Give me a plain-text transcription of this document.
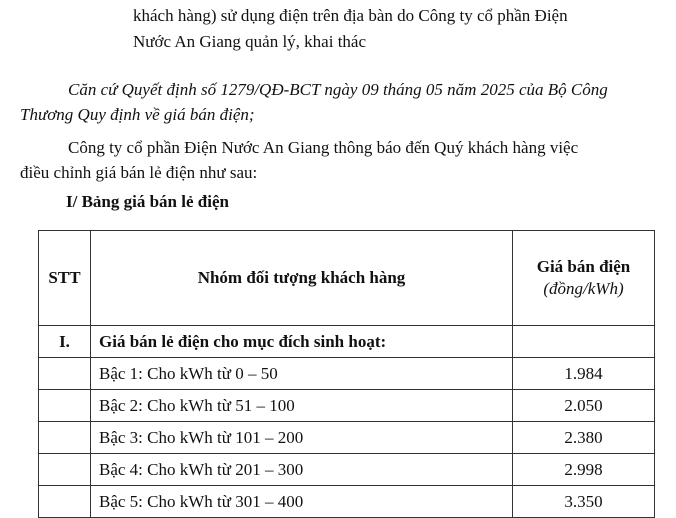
khách hàng) sử dụng điện trên địa bàn do Công ty cổ phần Điện
Nước An Giang quản lý, khai thác
Căn cứ Quyết định số 1279/QĐ-BCT ngày 09 tháng 05 năm 2025 của Bộ Công
Thương Quy định về giá bán điện;
Công ty cổ phần Điện Nước An Giang thông báo đến Quý khách hàng việc
điều chỉnh giá bán lẻ điện như sau:
I/ Bảng giá bán lẻ điện
STT	Nhóm đối tượng khách hàng	Giá bán điện
(đồng/kWh)

I.	Giá bán lẻ điện cho mục đích sinh hoạt:	
	Bậc 1: Cho kWh từ 0 – 50	1.984
	Bậc 2: Cho kWh từ 51 – 100	2.050
	Bậc 3: Cho kWh từ 101 – 200	2.380
	Bậc 4: Cho kWh từ 201 – 300	2.998
	Bậc 5: Cho kWh từ 301 – 400	3.350
